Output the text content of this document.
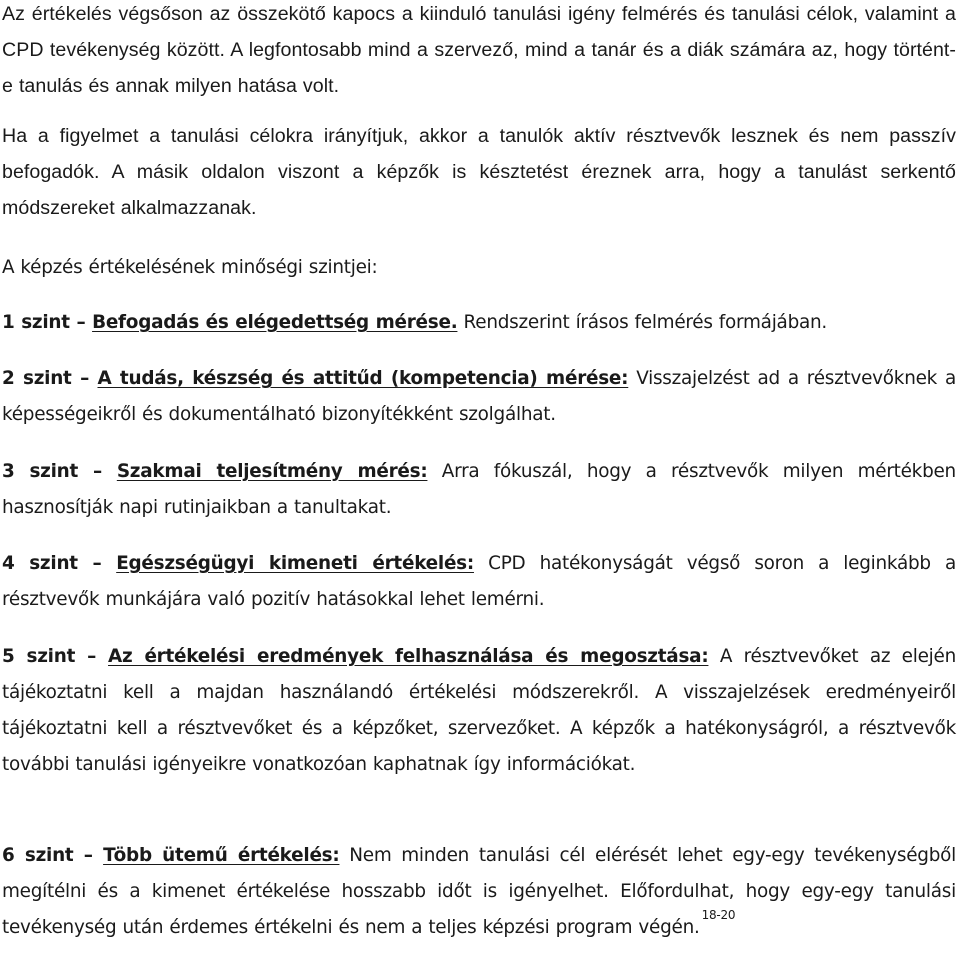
Az értékelés végsőson az összekötő kapocs a kiinduló tanulási igény felmérés és tanulási célok, valamint a CPD tevékenység között. A legfontosabb mind a szervező, mind a tanár és a diák számára az, hogy történt-e tanulás és annak milyen hatása volt.

Ha a figyelmet a tanulási célokra irányítjuk, akkor a tanulók aktív résztvevők lesznek és nem passzív befogadók. A másik oldalon viszont a képzők is késztetést éreznek arra, hogy a tanulást serkentő módszereket alkalmazzanak.

A képzés értékelésének minőségi szintjei:

1 szint – Befogadás és elégedettség mérése. Rendszerint írásos felmérés formájában.

2 szint – A tudás, készség és attitűd (kompetencia) mérése: Visszajelzést ad a résztvevőknek a képességeikről és dokumentálható bizonyítékként szolgálhat.

3 szint – Szakmai teljesítmény mérés: Arra fókuszál, hogy a résztvevők milyen mértékben hasznosítják napi rutinjaikban a tanultakat.

4 szint – Egészségügyi kimeneti értékelés: CPD hatékonyságát végső soron a leginkább a résztvevők munkájára való pozitív hatásokkal lehet lemérni.

5 szint – Az értékelési eredmények felhasználása és megosztása: A résztvevőket az elején tájékoztatni kell a majdan használandó értékelési módszerekről. A visszajelzések eredményeiről tájékoztatni kell a résztvevőket és a képzőket, szervezőket. A képzők a hatékonyságról, a résztvevők további tanulási igényeikre vonatkozóan kaphatnak így információkat.

6 szint – Több ütemű értékelés: Nem minden tanulási cél elérését lehet egy-egy tevékenységből megítélni és a kimenet értékelése hosszabb időt is igényelhet. Előfordulhat, hogy egy-egy tanulási tevékenység után érdemes értékelni és nem a teljes képzési program végén.$^{18-20}$
